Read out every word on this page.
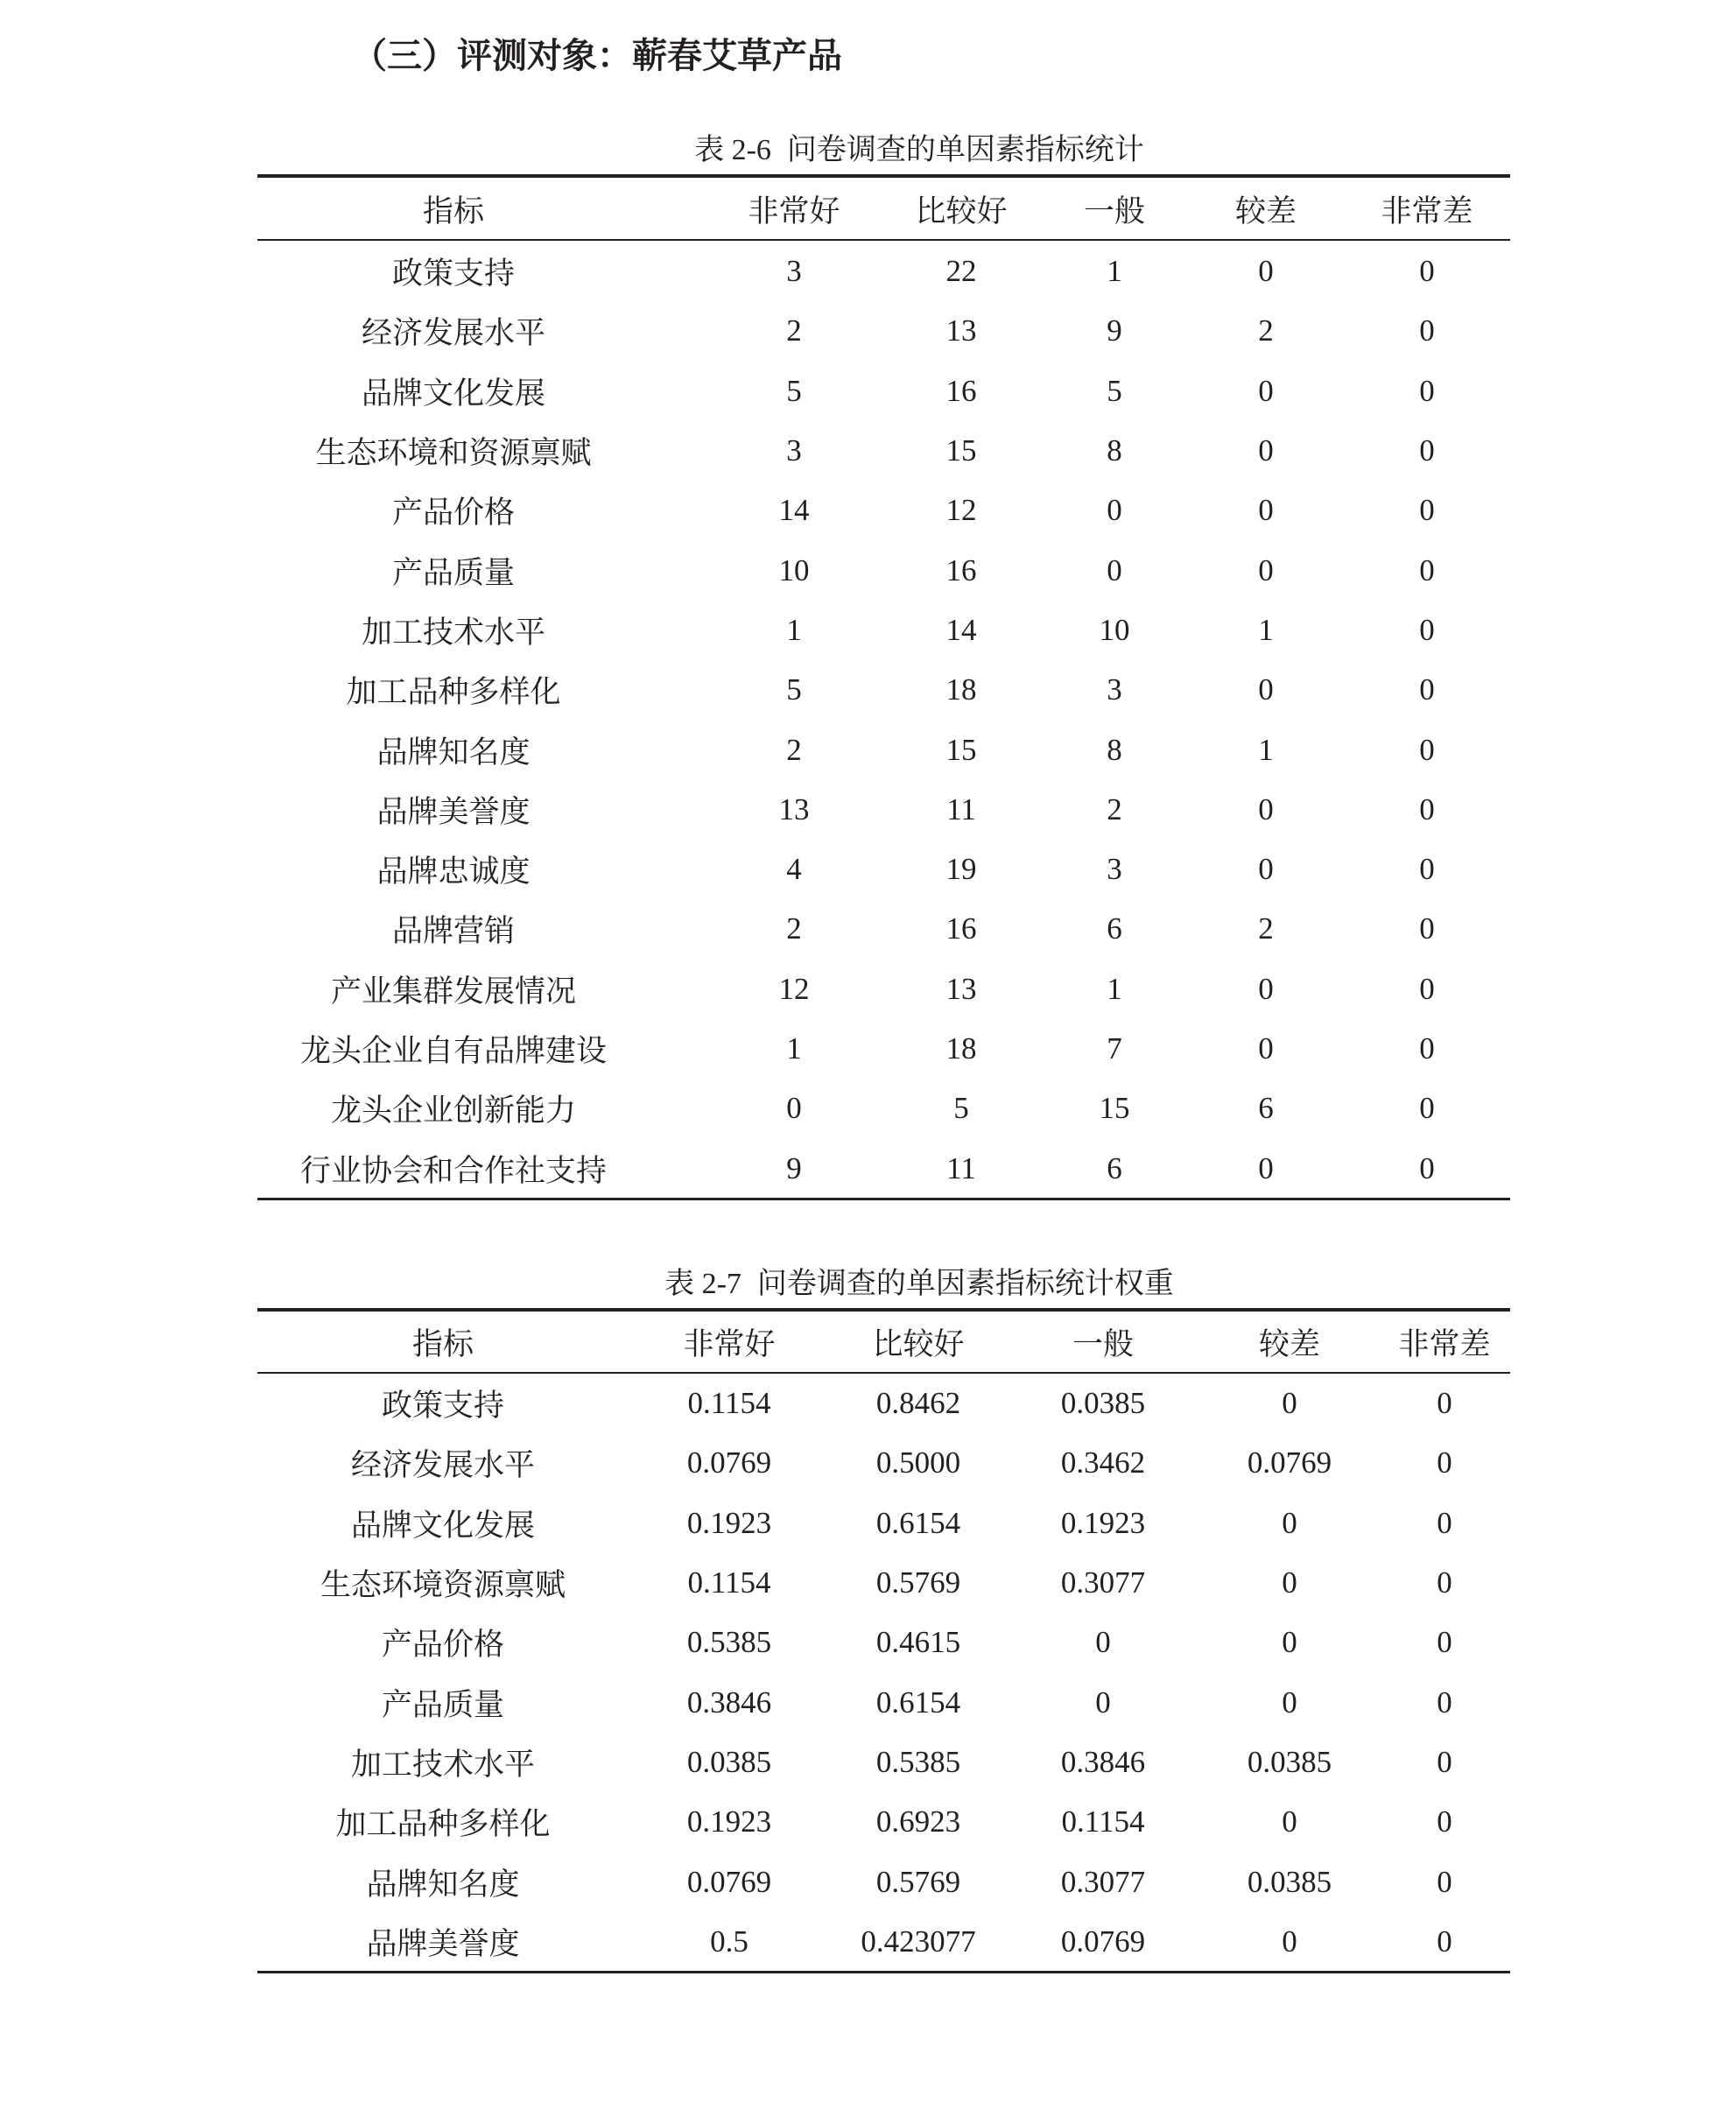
（三）评测对象：蕲春艾草产品
表 2-6 问卷调查的单因素指标统计
指标	非常好	比较好	一般	较差	非常差
政策支持	3	22	1	0	0
经济发展水平	2	13	9	2	0
品牌文化发展	5	16	5	0	0
生态环境和资源禀赋	3	15	8	0	0
产品价格	14	12	0	0	0
产品质量	10	16	0	0	0
加工技术水平	1	14	10	1	0
加工品种多样化	5	18	3	0	0
品牌知名度	2	15	8	1	0
品牌美誉度	13	11	2	0	0
品牌忠诚度	4	19	3	0	0
品牌营销	2	16	6	2	0
产业集群发展情况	12	13	1	0	0
龙头企业自有品牌建设	1	18	7	0	0
龙头企业创新能力	0	5	15	6	0
行业协会和合作社支持	9	11	6	0	0
表 2-7 问卷调查的单因素指标统计权重
指标	非常好	比较好	一般	较差	非常差
政策支持	0.1154	0.8462	0.0385	0	0
经济发展水平	0.0769	0.5000	0.3462	0.0769	0
品牌文化发展	0.1923	0.6154	0.1923	0	0
生态环境资源禀赋	0.1154	0.5769	0.3077	0	0
产品价格	0.5385	0.4615	0	0	0
产品质量	0.3846	0.6154	0	0	0
加工技术水平	0.0385	0.5385	0.3846	0.0385	0
加工品种多样化	0.1923	0.6923	0.1154	0	0
品牌知名度	0.0769	0.5769	0.3077	0.0385	0
品牌美誉度	0.5	0.423077	0.0769	0	0
